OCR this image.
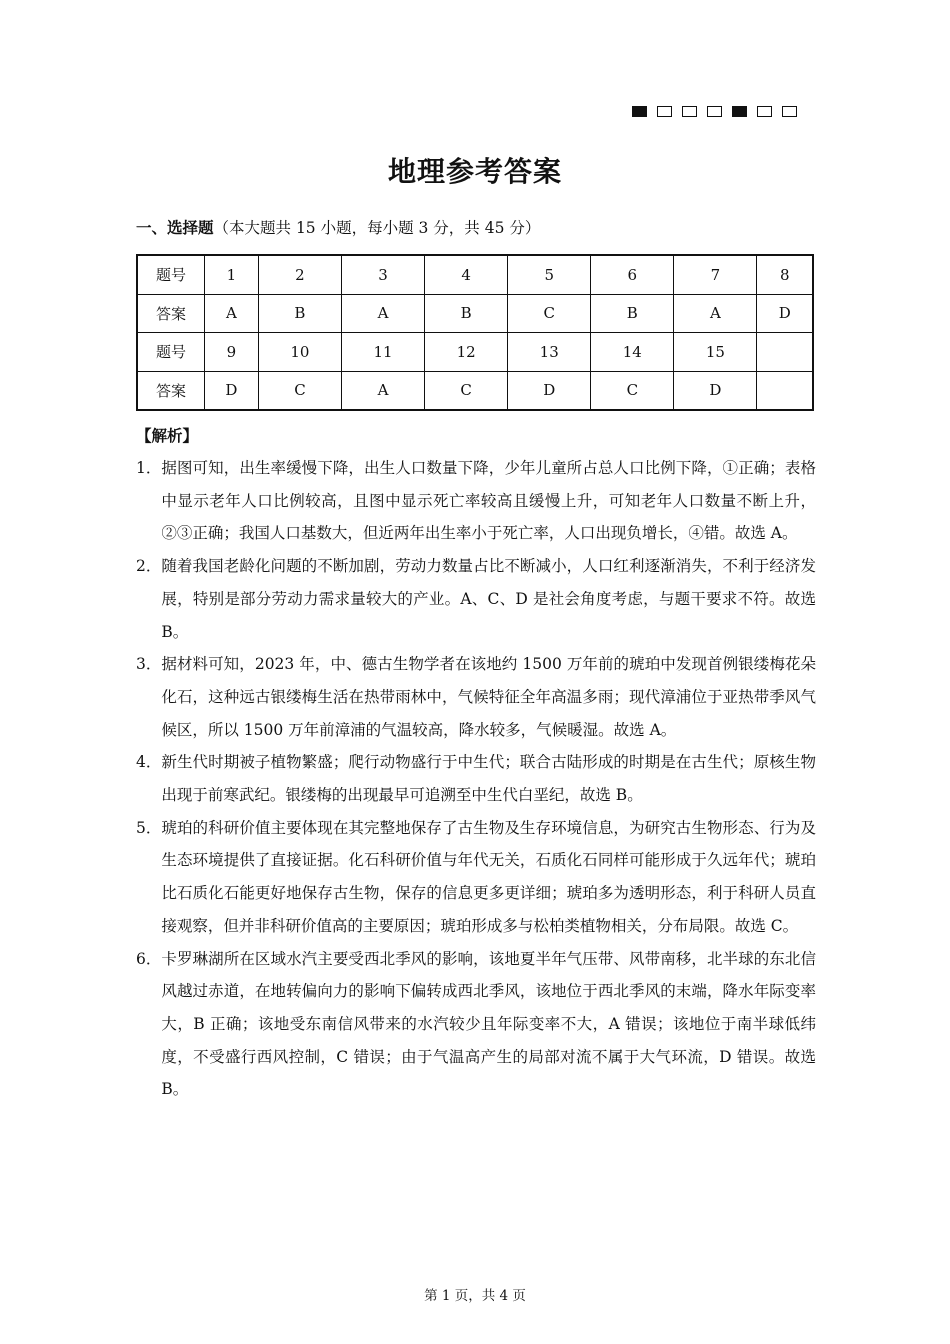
地理参考答案
一、选择题（本大题共 15 小题，每小题 3 分，共 45 分）
题号	1	2	3	4	5	6	7	8
答案	A	B	A	B	C	B	A	D
题号	9	10	11	12	13	14	15	
答案	D	C	A	C	D	C	D	
【解析】
1． 据图可知，出生率缓慢下降，出生人口数量下降，少年儿童所占总人口比例下降，①正确；表格中显示老年人口比例较高，且图中显示死亡率较高且缓慢上升，可知老年人口数量不断上升，②③正确；我国人口基数大，但近两年出生率小于死亡率，人口出现负增长，④错。故选 A。
2． 随着我国老龄化问题的不断加剧，劳动力数量占比不断减小，人口红利逐渐消失，不利于经济发展，特别是部分劳动力需求量较大的产业。A、C、D 是社会角度考虑，与题干要求不符。故选 B。
3． 据材料可知，2023 年，中、德古生物学者在该地约 1500 万年前的琥珀中发现首例银缕梅花朵化石，这种远古银缕梅生活在热带雨林中，气候特征全年高温多雨；现代漳浦位于亚热带季风气候区，所以 1500 万年前漳浦的气温较高，降水较多，气候暖湿。故选 A。
4． 新生代时期被子植物繁盛；爬行动物盛行于中生代；联合古陆形成的时期是在古生代；原核生物出现于前寒武纪。银缕梅的出现最早可追溯至中生代白垩纪，故选 B。
5． 琥珀的科研价值主要体现在其完整地保存了古生物及生存环境信息，为研究古生物形态、行为及生态环境提供了直接证据。化石科研价值与年代无关，石质化石同样可能形成于久远年代；琥珀比石质化石能更好地保存古生物，保存的信息更多更详细；琥珀多为透明形态，利于科研人员直接观察，但并非科研价值高的主要原因；琥珀形成多与松柏类植物相关，分布局限。故选 C。
6． 卡罗琳湖所在区域水汽主要受西北季风的影响，该地夏半年气压带、风带南移，北半球的东北信风越过赤道，在地转偏向力的影响下偏转成西北季风，该地位于西北季风的末端，降水年际变率大，B 正确；该地受东南信风带来的水汽较少且年际变率不大，A 错误；该地位于南半球低纬度，不受盛行西风控制，C 错误；由于气温高产生的局部对流不属于大气环流，D 错误。故选 B。
第 1 页，共 4 页
